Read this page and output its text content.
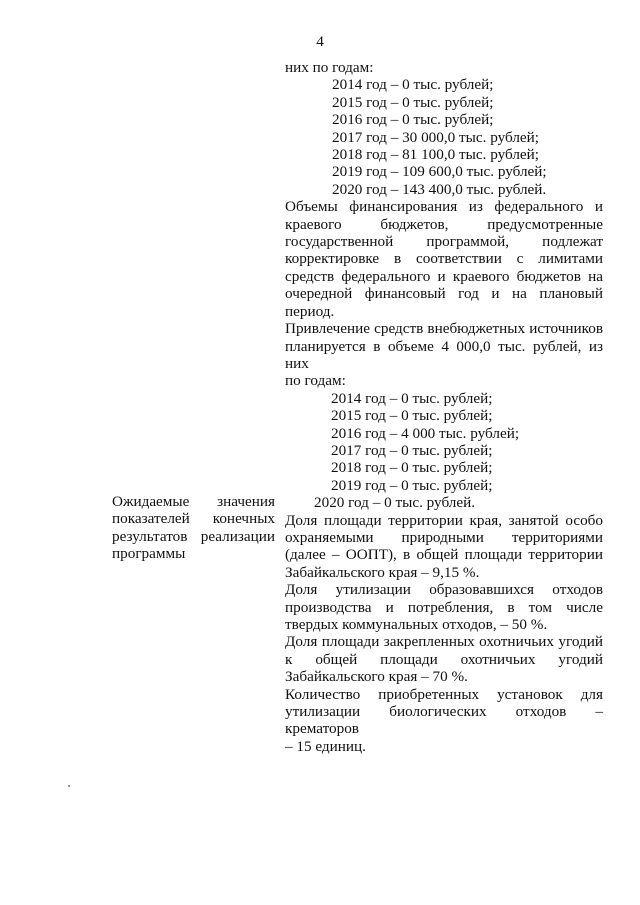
4
них по годам:
2014 год – 0 тыс. рублей;
2015 год – 0 тыс. рублей;
2016 год – 0 тыс. рублей;
2017 год – 30 000,0 тыс. рублей;
2018 год – 81 100,0 тыс. рублей;
2019 год – 109 600,0 тыс. рублей;
2020 год – 143 400,0 тыс. рублей.
Объемы финансирования из федерального и
краевого бюджетов, предусмотренные
государственной программой, подлежат
корректировке в соответствии с лимитами
средств федерального и краевого бюджетов на
очередной финансовый год и на плановый
период.
Привлечение средств внебюджетных источников
планируется в объеме 4 000,0 тыс. рублей, из них
по годам:
2014 год – 0 тыс. рублей;
2015 год – 0 тыс. рублей;
2016 год – 4 000 тыс. рублей;
2017 год – 0 тыс. рублей;
2018 год – 0 тыс. рублей;
2019 год – 0 тыс. рублей;
2020 год – 0 тыс. рублей.
Доля площади территории края, занятой особо
охраняемыми природными территориями
(далее – ООПТ), в общей площади территории
Забайкальского края – 9,15 %.
Доля утилизации образовавшихся отходов
производства и потребления, в том числе
твердых коммунальных отходов, – 50 %.
Доля площади закрепленных охотничьих угодий
к общей площади охотничьих угодий
Забайкальского края – 70 %.
Количество приобретенных установок для
утилизации биологических отходов – крематоров
– 15 единиц.
Ожидаемые значения
показателей конечных
результатов реализации
программы
